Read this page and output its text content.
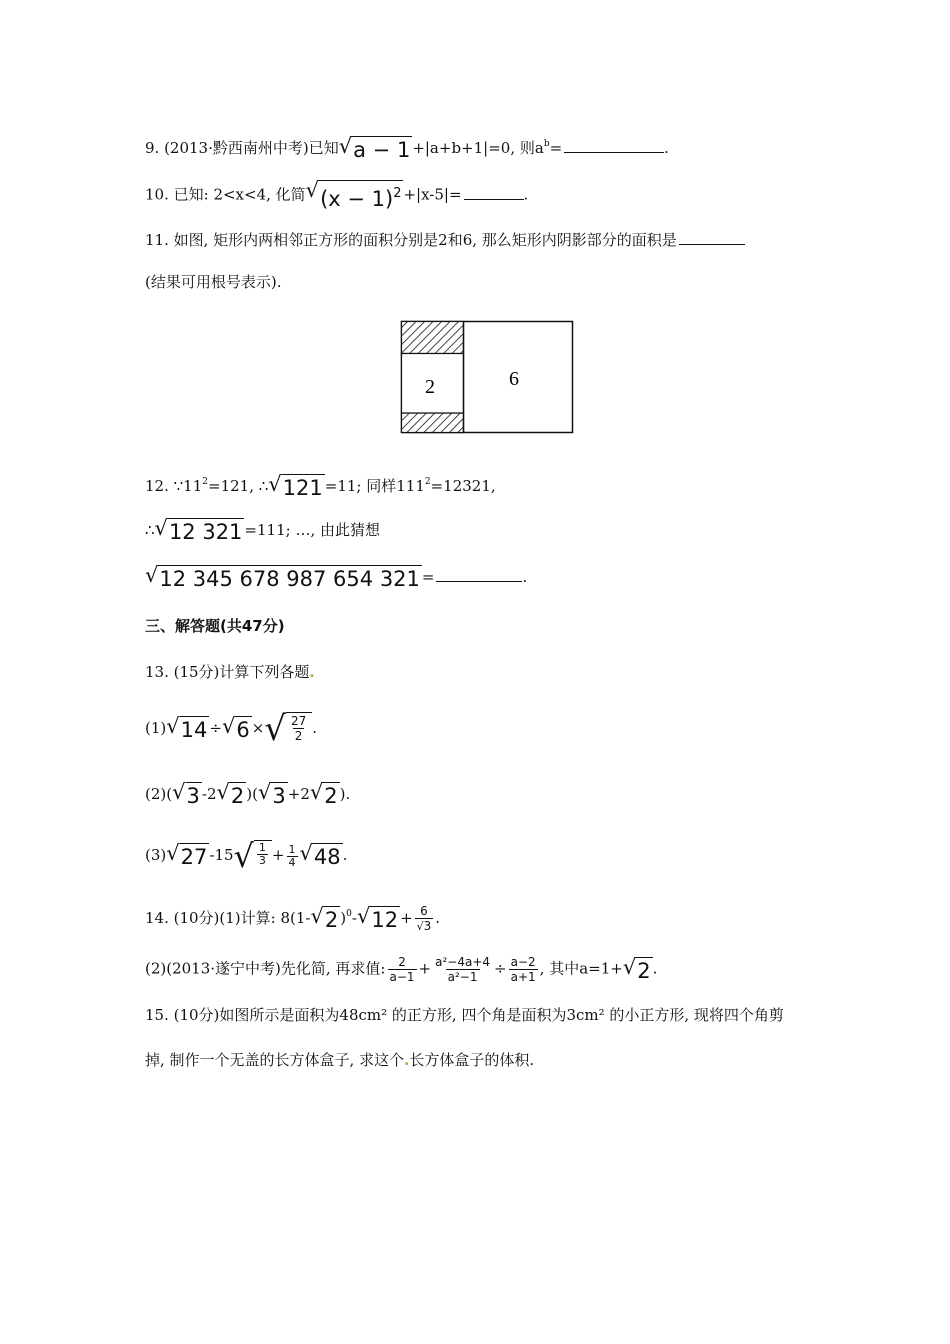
9. (2013·黔西南州中考)已知 √ a − 1 +|a+b+1|=0, 则$a^b=$	.
10. 已知: 2<x<4, 化简 √ $(x - 1)^2 +|x-5|=$	.
11. 如图, 矩形内两相邻正方形的面积分别是2和6, 那么矩形内阴影部分的面积是
(结果可用根号表示).
2	6
12. $\because 11^2=121$, ∴ √ 121 =11; 同样$111^2=12321$,
∴ √ 12 321 =111; …, 由此猜想
√ 12 345 678 987 654 321 =	.
三、解答题(共47分)
13. (15分)计算下列各题.
(1) √ 14 ÷ √ 6 × √ $\frac{27}{2}$ .
(2)( √ 3 -2 √ 2 )( √ 3 +2 √ 2 ).
(3) √ 27 -15 √ $\frac{1}{3} + \frac{1}{4}$ √ 48 .
14. (10分)(1)计算: 8(1- √ 2 )$^0$- √ $12 + \frac{6}{√3}$ .
(2)(2013·遂宁中考)先化简, 再求值: $\frac{2}{a-1} + \frac{\text{a²−4a+4}}{\text{a²−1}} \div \frac{a-2}{a+1}$ , 其中a=1+ √ 2 .
15. (10分)如图所示是面积为48cm² 的正方形, 四个角是面积为3cm² 的小正方形, 现将四个角剪
掉, 制作一个无盖的长方体盒子, 求这个.长方体盒子的体积.
